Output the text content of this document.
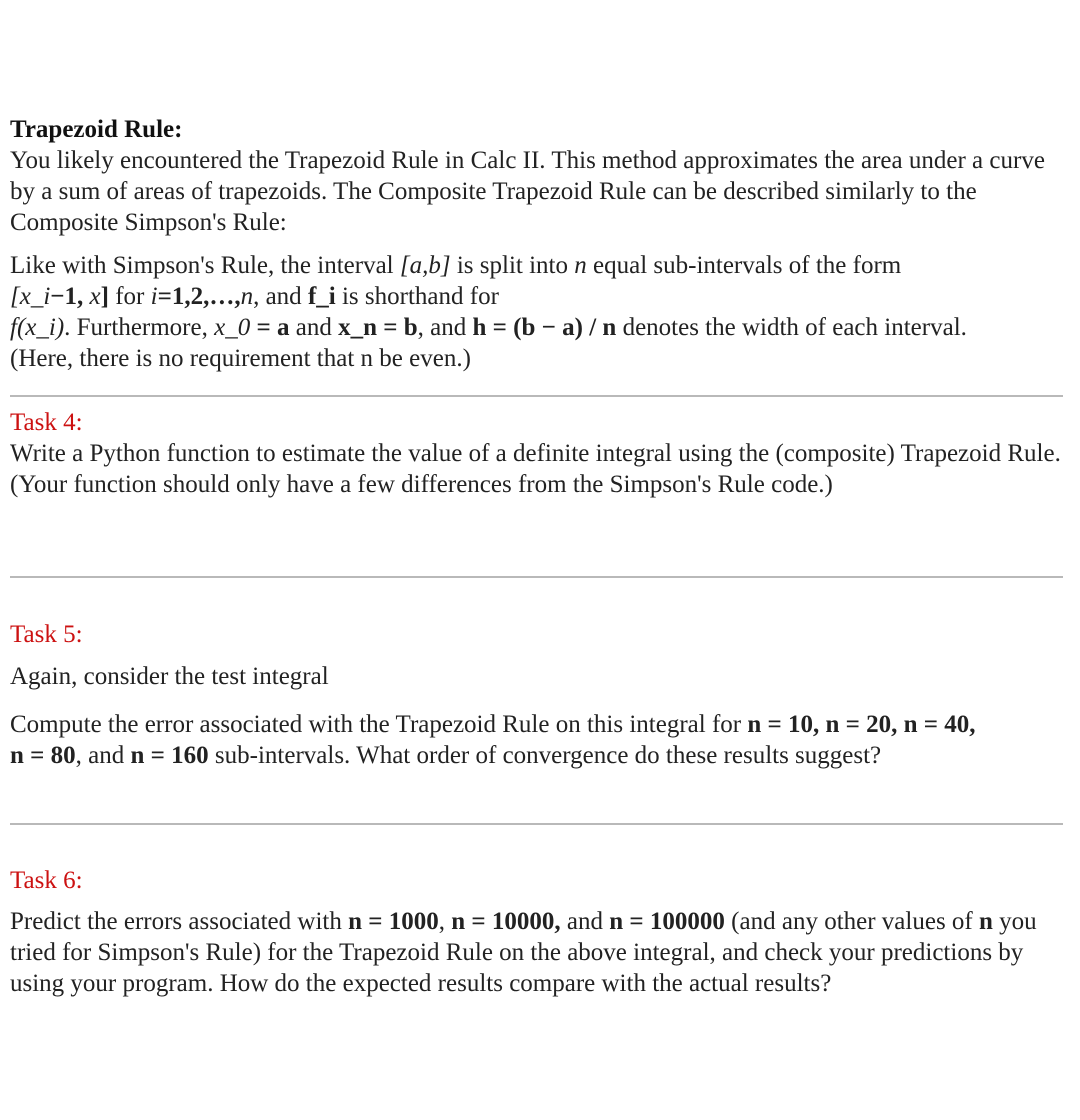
Trapezoid Rule:

You likely encountered the Trapezoid Rule in Calc II. This method approximates the area under a curve by a sum of areas of trapezoids. The Composite Trapezoid Rule can be described similarly to the Composite Simpson's Rule:

Like with Simpson's Rule, the interval [a,b] is split into n equal sub-intervals of the form

[x_i−1, x] for i=1,2,…,n, and f_i is shorthand for

f(x_i). Furthermore, x_0 = a and x_n = b, and h = (b − a) / n denotes the width of each interval.

(Here, there is no requirement that n be even.)

Task 4:

Write a Python function to estimate the value of a definite integral using the (composite) Trapezoid Rule. (Your function should only have a few differences from the Simpson's Rule code.)

Task 5:

Again, consider the test integral

Compute the error associated with the Trapezoid Rule on this integral for n = 10, n = 20, n = 40,

n = 80, and n = 160 sub-intervals. What order of convergence do these results suggest?

Task 6:

Predict the errors associated with n = 1000, n = 10000, and n = 100000 (and any other values of n you tried for Simpson's Rule) for the Trapezoid Rule on the above integral, and check your predictions by using your program. How do the expected results compare with the actual results?
